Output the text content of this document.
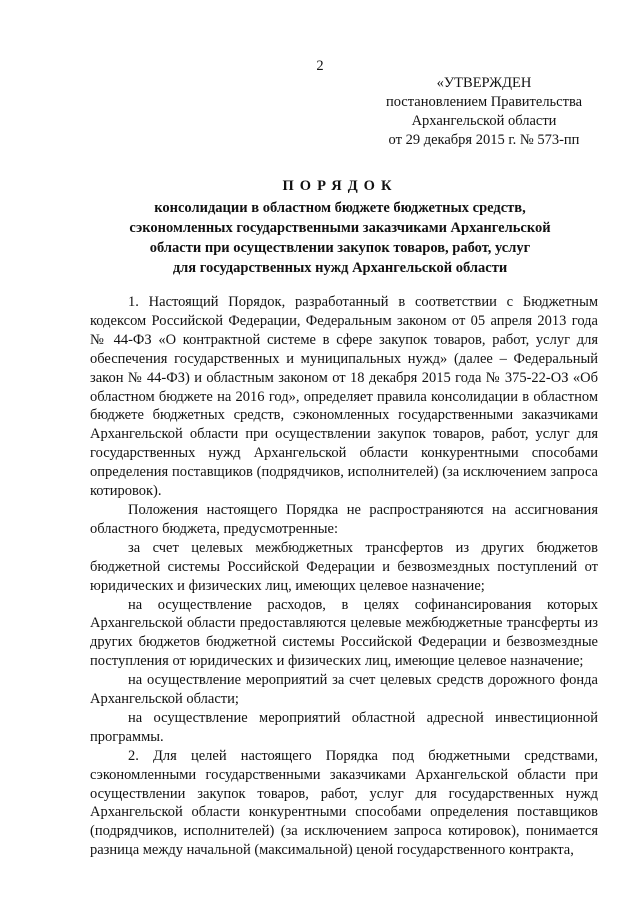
2
«УТВЕРЖДЕН
постановлением Правительства
Архангельской области
от 29 декабря 2015 г. № 573-пп
ПОРЯДОК
консолидации в областном бюджете бюджетных средств,
сэкономленных государственными заказчиками Архангельской
области при осуществлении закупок товаров, работ, услуг
для государственных нужд Архангельской области

1. Настоящий Порядок, разработанный в соответствии с Бюджетным кодексом Российской Федерации, Федеральным законом от 05 апреля 2013 года № 44-ФЗ «О контрактной системе в сфере закупок товаров, работ, услуг для обеспечения государственных и муниципальных нужд» (далее – Федеральный закон № 44-ФЗ) и областным законом от 18 декабря 2015 года № 375-22-ОЗ «Об областном бюджете на 2016 год», определяет правила консолидации в областном бюджете бюджетных средств, сэкономленных государственными заказчиками Архангельской области при осуществлении закупок товаров, работ, услуг для государственных нужд Архангельской области конкурентными способами определения поставщиков (подрядчиков, исполнителей) (за исключением запроса котировок).

Положения настоящего Порядка не распространяются на ассигнования областного бюджета, предусмотренные:

за счет целевых межбюджетных трансфертов из других бюджетов бюджетной системы Российской Федерации и безвозмездных поступлений от юридических и физических лиц, имеющих целевое назначение;

на осуществление расходов, в целях софинансирования которых Архангельской области предоставляются целевые межбюджетные трансферты из других бюджетов бюджетной системы Российской Федерации и безвозмездные поступления от юридических и физических лиц, имеющие целевое назначение;

на осуществление мероприятий за счет целевых средств дорожного фонда Архангельской области;

на осуществление мероприятий областной адресной инвестиционной программы.

2. Для целей настоящего Порядка под бюджетными средствами, сэкономленными государственными заказчиками Архангельской области при осуществлении закупок товаров, работ, услуг для государственных нужд Архангельской области конкурентными способами определения поставщиков (подрядчиков, исполнителей) (за исключением запроса котировок), понимается разница между начальной (максимальной) ценой государственного контракта,
